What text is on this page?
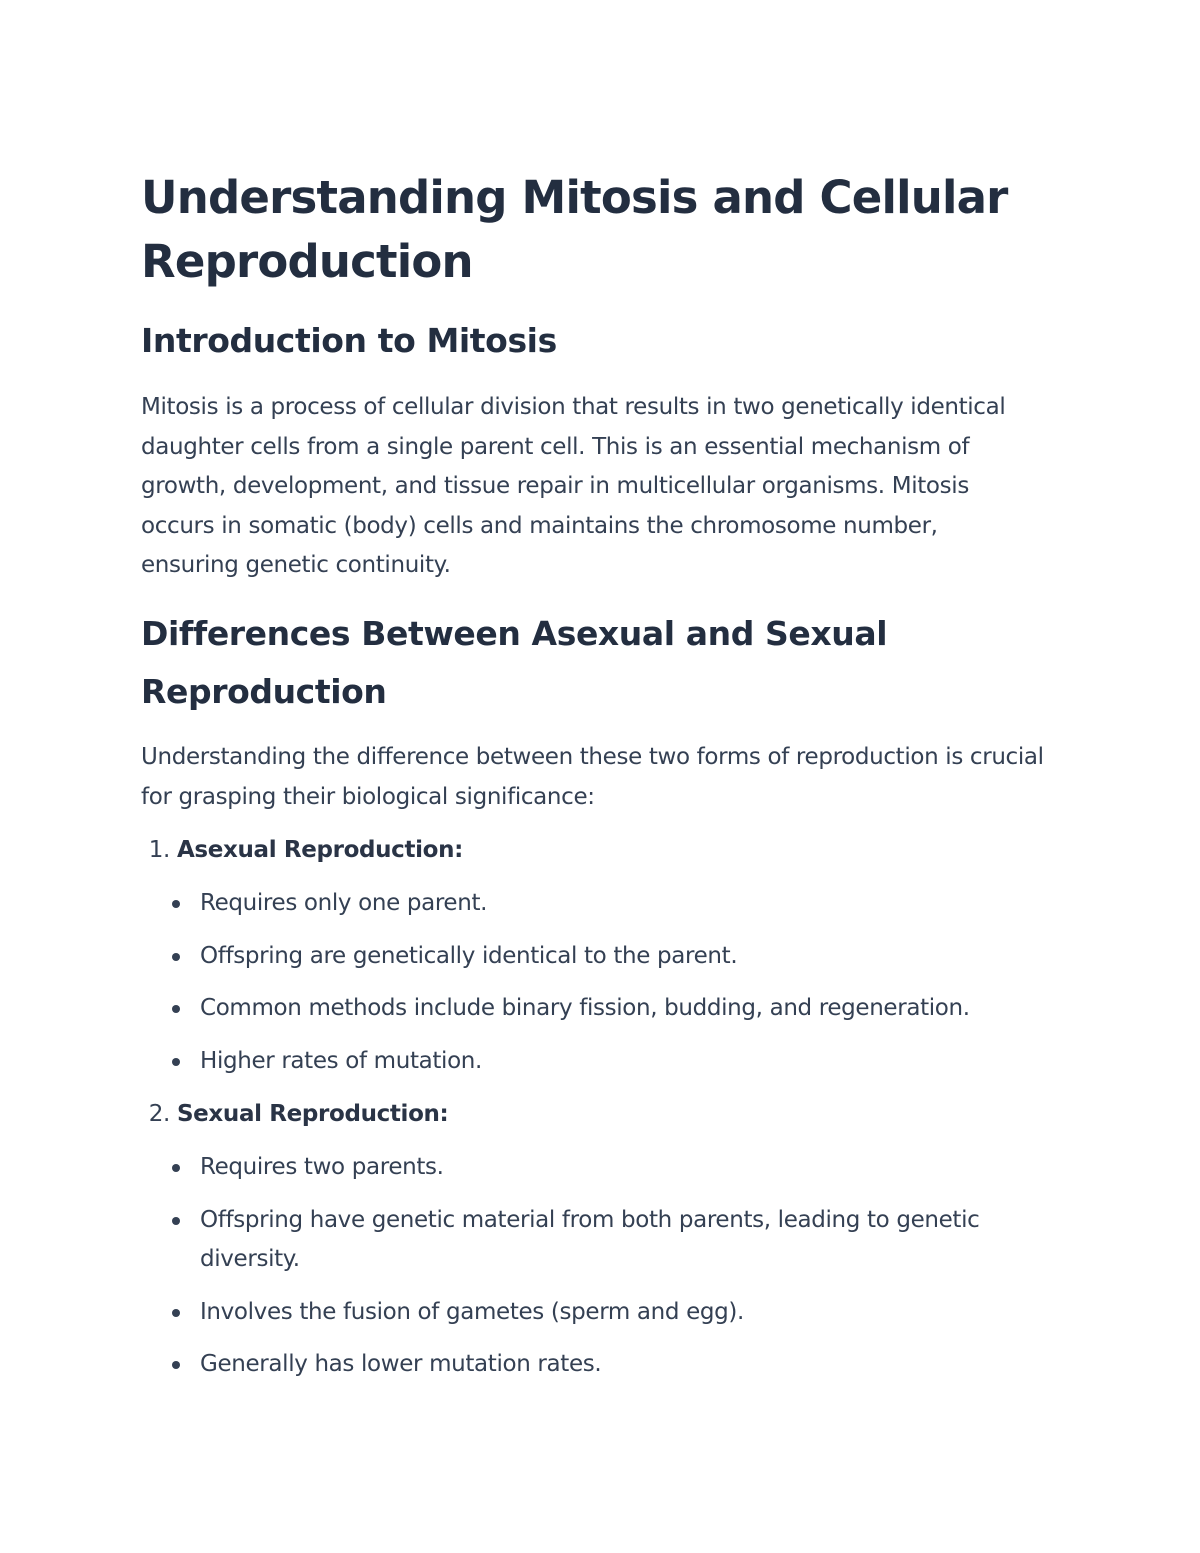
Understanding Mitosis and Cellular Reproduction
Introduction to Mitosis

Mitosis is a process of cellular division that results in two genetically identical daughter cells from a single parent cell. This is an essential mechanism of growth, development, and tissue repair in multicellular organisms. Mitosis occurs in somatic (body) cells and maintains the chromosome number, ensuring genetic continuity.

Differences Between Asexual and Sexual Reproduction

Understanding the difference between these two forms of reproduction is crucial for grasping their biological significance:

1. Asexual Reproduction:
Requires only one parent.
Offspring are genetically identical to the parent.
Common methods include binary fission, budding, and regeneration.
Higher rates of mutation.
2. Sexual Reproduction:
Requires two parents.
Offspring have genetic material from both parents, leading to genetic diversity.
Involves the fusion of gametes (sperm and egg).
Generally has lower mutation rates.
